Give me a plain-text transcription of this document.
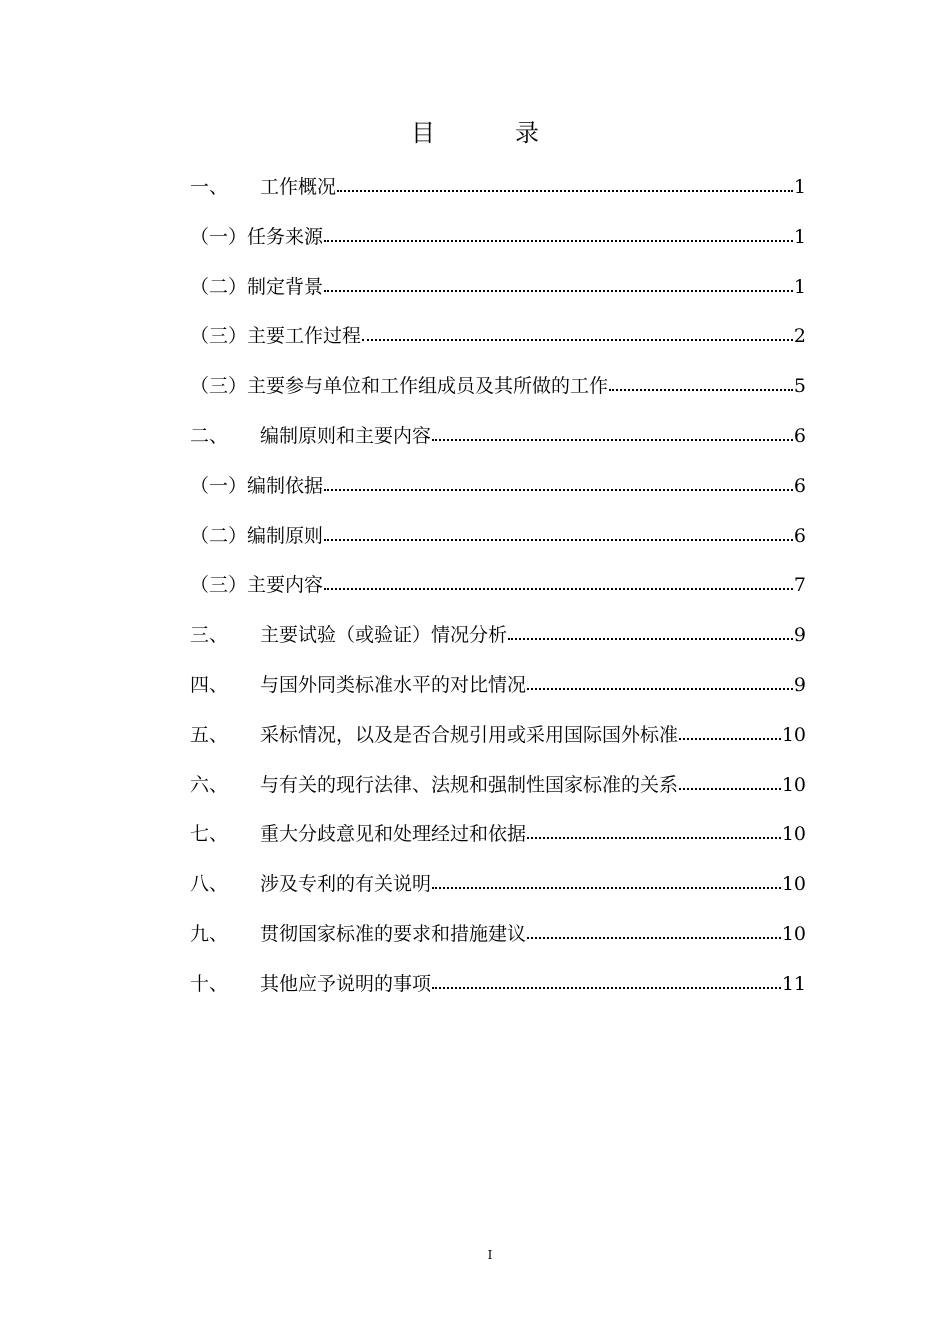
目　录
一、	工作概况	1
（一） 任务来源	1
（二） 制定背景	1
（三） 主要工作过程	2
（三） 主要参与单位和工作组成员及其所做的工作	5
二、	编制原则和主要内容	6
（一） 编制依据	6
（二） 编制原则	6
（三） 主要内容	7
三、	主要试验（或验证）情况分析	9
四、	与国外同类标准水平的对比情况	9
五、	采标情况，以及是否合规引用或采用国际国外标准	10
六、	与有关的现行法律、法规和强制性国家标准的关系	10
七、	重大分歧意见和处理经过和依据	10
八、	涉及专利的有关说明	10
九、	贯彻国家标准的要求和措施建议	10
十、	其他应予说明的事项	11
I
